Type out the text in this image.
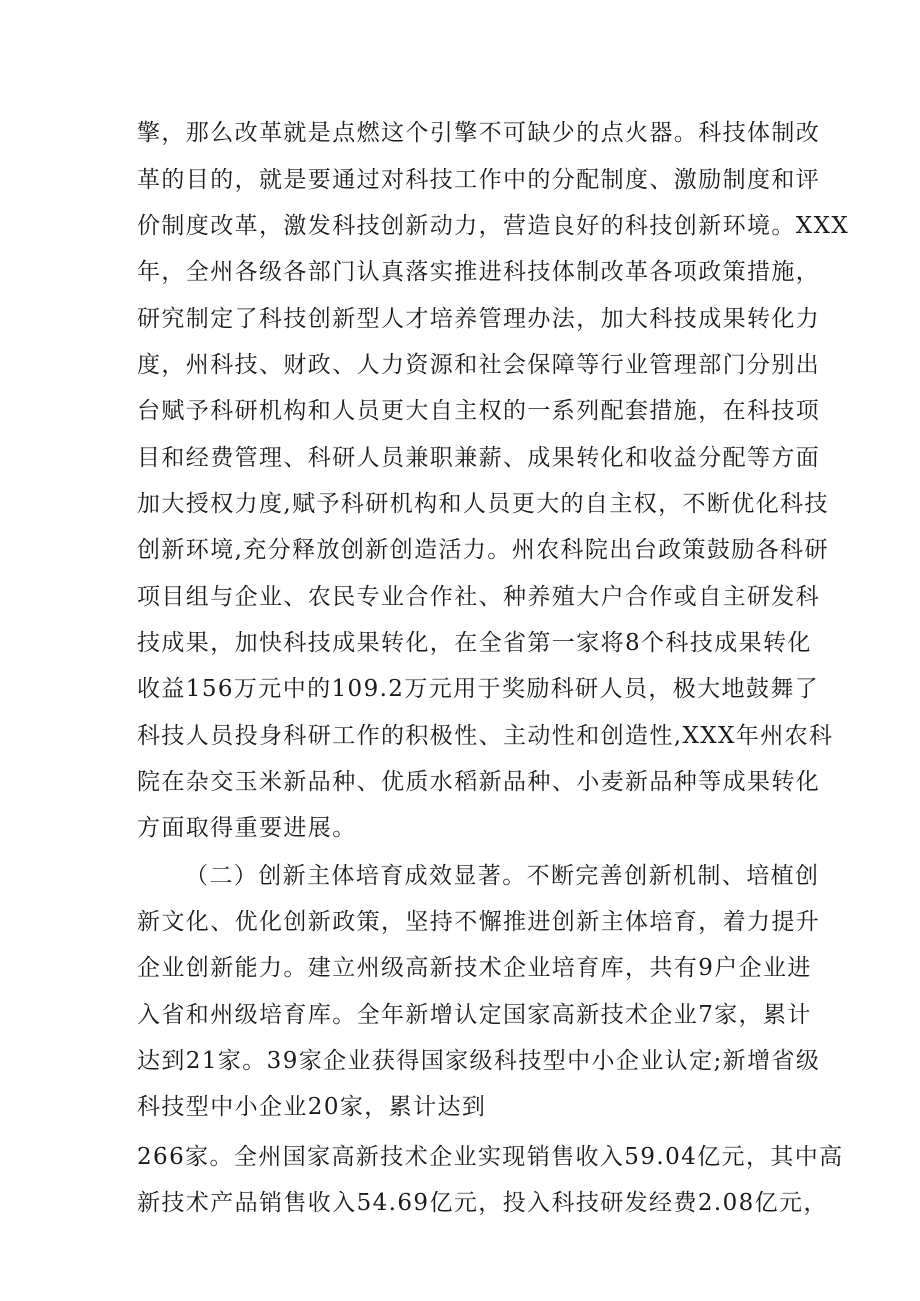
擎，那么改革就是点燃这个引擎不可缺少的点火器。科技体制改
革的目的，就是要通过对科技工作中的分配制度、激励制度和评
价制度改革，激发科技创新动力，营造良好的科技创新环境。XXX
年，全州各级各部门认真落实推进科技体制改革各项政策措施，
研究制定了科技创新型人才培养管理办法，加大科技成果转化力
度，州科技、财政、人力资源和社会保障等行业管理部门分别出
台赋予科研机构和人员更大自主权的一系列配套措施，在科技项
目和经费管理、科研人员兼职兼薪、成果转化和收益分配等方面
加大授权力度,赋予科研机构和人员更大的自主权，不断优化科技
创新环境,充分释放创新创造活力。州农科院出台政策鼓励各科研
项目组与企业、农民专业合作社、种养殖大户合作或自主研发科
技成果，加快科技成果转化，在全省第一家将8个科技成果转化
收益156万元中的109.2万元用于奖励科研人员，极大地鼓舞了
科技人员投身科研工作的积极性、主动性和创造性,XXX年州农科
院在杂交玉米新品种、优质水稻新品种、小麦新品种等成果转化
方面取得重要进展。
（二）创新主体培育成效显著。不断完善创新机制、培植创
新文化、优化创新政策，坚持不懈推进创新主体培育，着力提升
企业创新能力。建立州级高新技术企业培育库，共有9户企业进
入省和州级培育库。全年新增认定国家高新技术企业7家，累计
达到21家。39家企业获得国家级科技型中小企业认定;新增省级
科技型中小企业20家，累计达到
266家。全州国家高新技术企业实现销售收入59.04亿元，其中高
新技术产品销售收入54.69亿元，投入科技研发经费2.08亿元，
